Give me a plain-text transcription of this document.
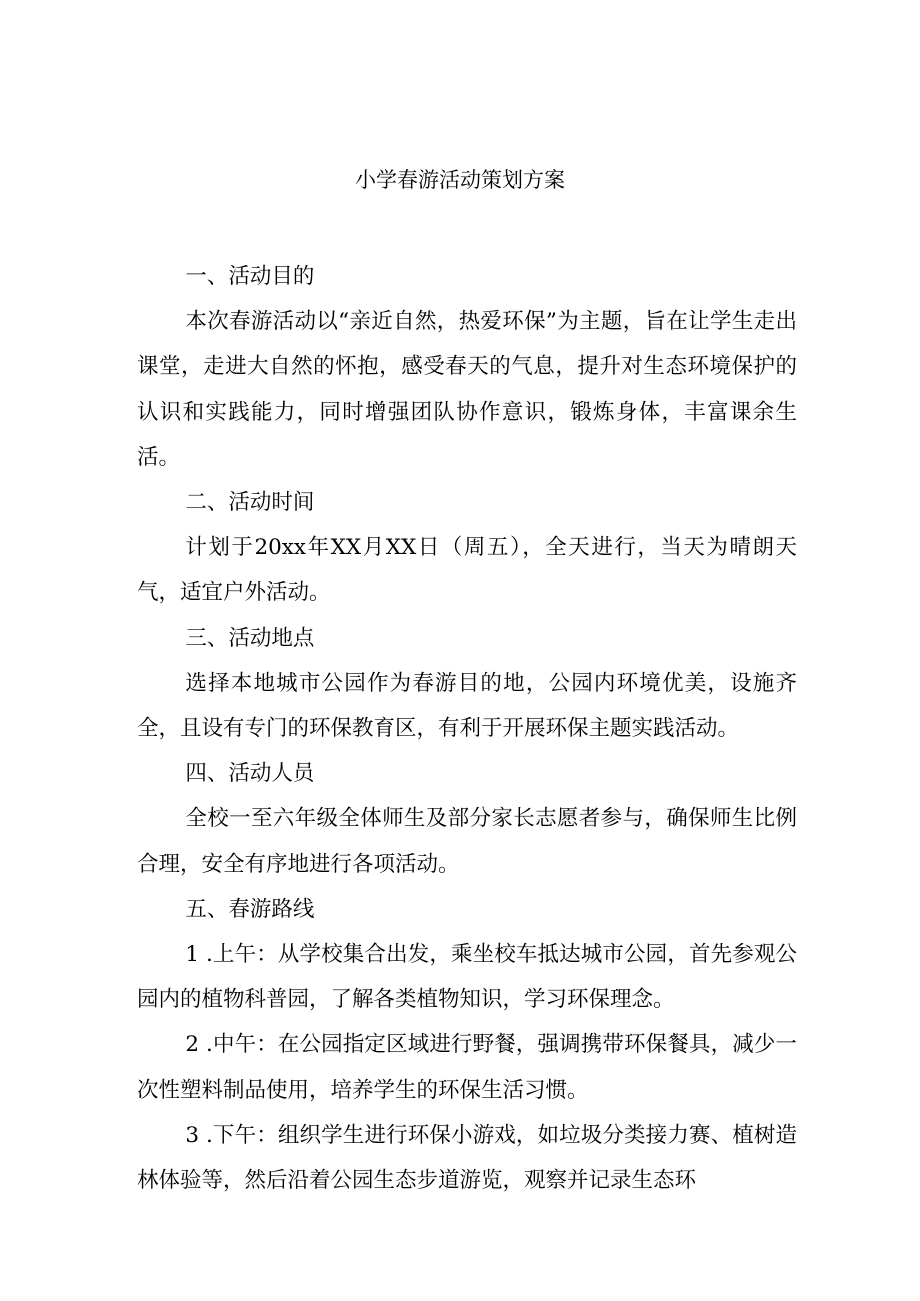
小学春游活动策划方案

一、活动目的

本次春游活动以“亲近自然，热爱环保”为主题，旨在让学生走出课堂，走进大自然的怀抱，感受春天的气息，提升对生态环境保护的认识和实践能力，同时增强团队协作意识，锻炼身体，丰富课余生活。

二、活动时间

计划于20xx年XX月XX日（周五），全天进行，当天为晴朗天气，适宜户外活动。

三、活动地点

选择本地城市公园作为春游目的地，公园内环境优美，设施齐全，且设有专门的环保教育区，有利于开展环保主题实践活动。

四、活动人员

全校一至六年级全体师生及部分家长志愿者参与，确保师生比例合理，安全有序地进行各项活动。

五、春游路线

1 .上午：从学校集合出发，乘坐校车抵达城市公园，首先参观公园内的植物科普园，了解各类植物知识，学习环保理念。

2 .中午：在公园指定区域进行野餐，强调携带环保餐具，减少一次性塑料制品使用，培养学生的环保生活习惯。

3 .下午：组织学生进行环保小游戏，如垃圾分类接力赛、植树造林体验等，然后沿着公园生态步道游览，观察并记录生态环
